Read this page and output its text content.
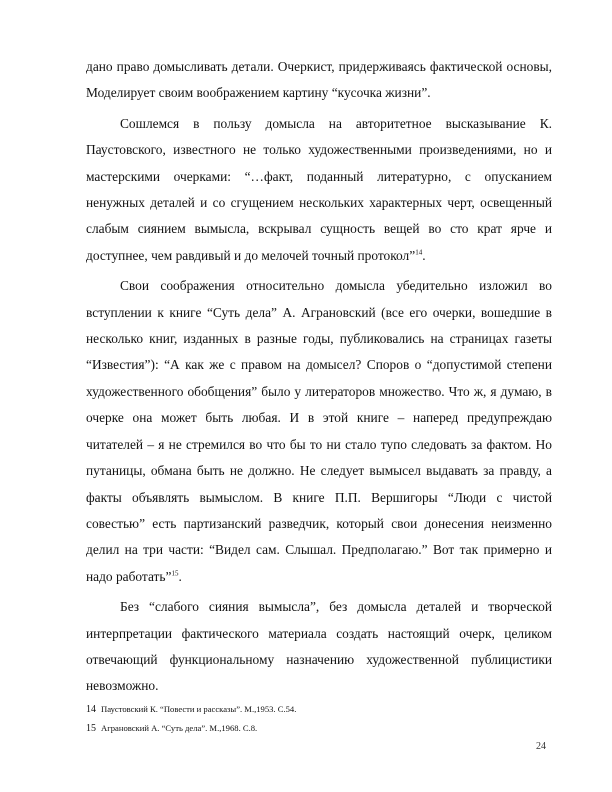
дано право домысливать детали. Очеркист, придерживаясь фактической основы, Моделирует своим воображением картину “кусочка жизни”.

Сошлемся в пользу домысла на авторитетное высказывание К. Паустовского, известного не только художественными произведениями, но и мастерскими очерками: “…факт, поданный литературно, с опусканием ненужных деталей и со сгущением нескольких характерных черт, освещенный слабым сиянием вымысла, вскрывал сущность вещей во сто крат ярче и доступнее, чем равдивый и до мелочей точный протокол”$^{14}$.

Свои соображения относительно домысла убедительно изложил во вступлении к книге “Суть дела” А. Аграновский (все его очерки, вошедшие в несколько книг, изданных в разные годы, публиковались на страницах газеты “Известия”): “А как же с правом на домысел? Споров о “допустимой степени художественного обобщения” было у литераторов множество. Что ж, я думаю, в очерке она может быть любая. И в этой книге – наперед предупреждаю читателей – я не стремился во что бы то ни стало тупо следовать за фактом. Но путаницы, обмана быть не должно. Не следует вымысел выдавать за правду, а факты объявлять вымыслом. В книге П.П. Вершигоры “Люди с чистой совестью” есть партизанский разведчик, который свои донесения неизменно делил на три части: “Видел сам. Слышал. Предполагаю.” Вот так примерно и надо работать”$^{15}$.

Без “слабого сияния вымысла”, без домысла деталей и творческой интерпретации фактического материала создать настоящий очерк, целиком отвечающий функциональному назначению художественной публицистики невозможно.

14 Паустовский К. “Повести и рассказы”. М.,1953. С.54.
15 Аграновский А. “Суть дела”. М.,1968. С.8.
24
